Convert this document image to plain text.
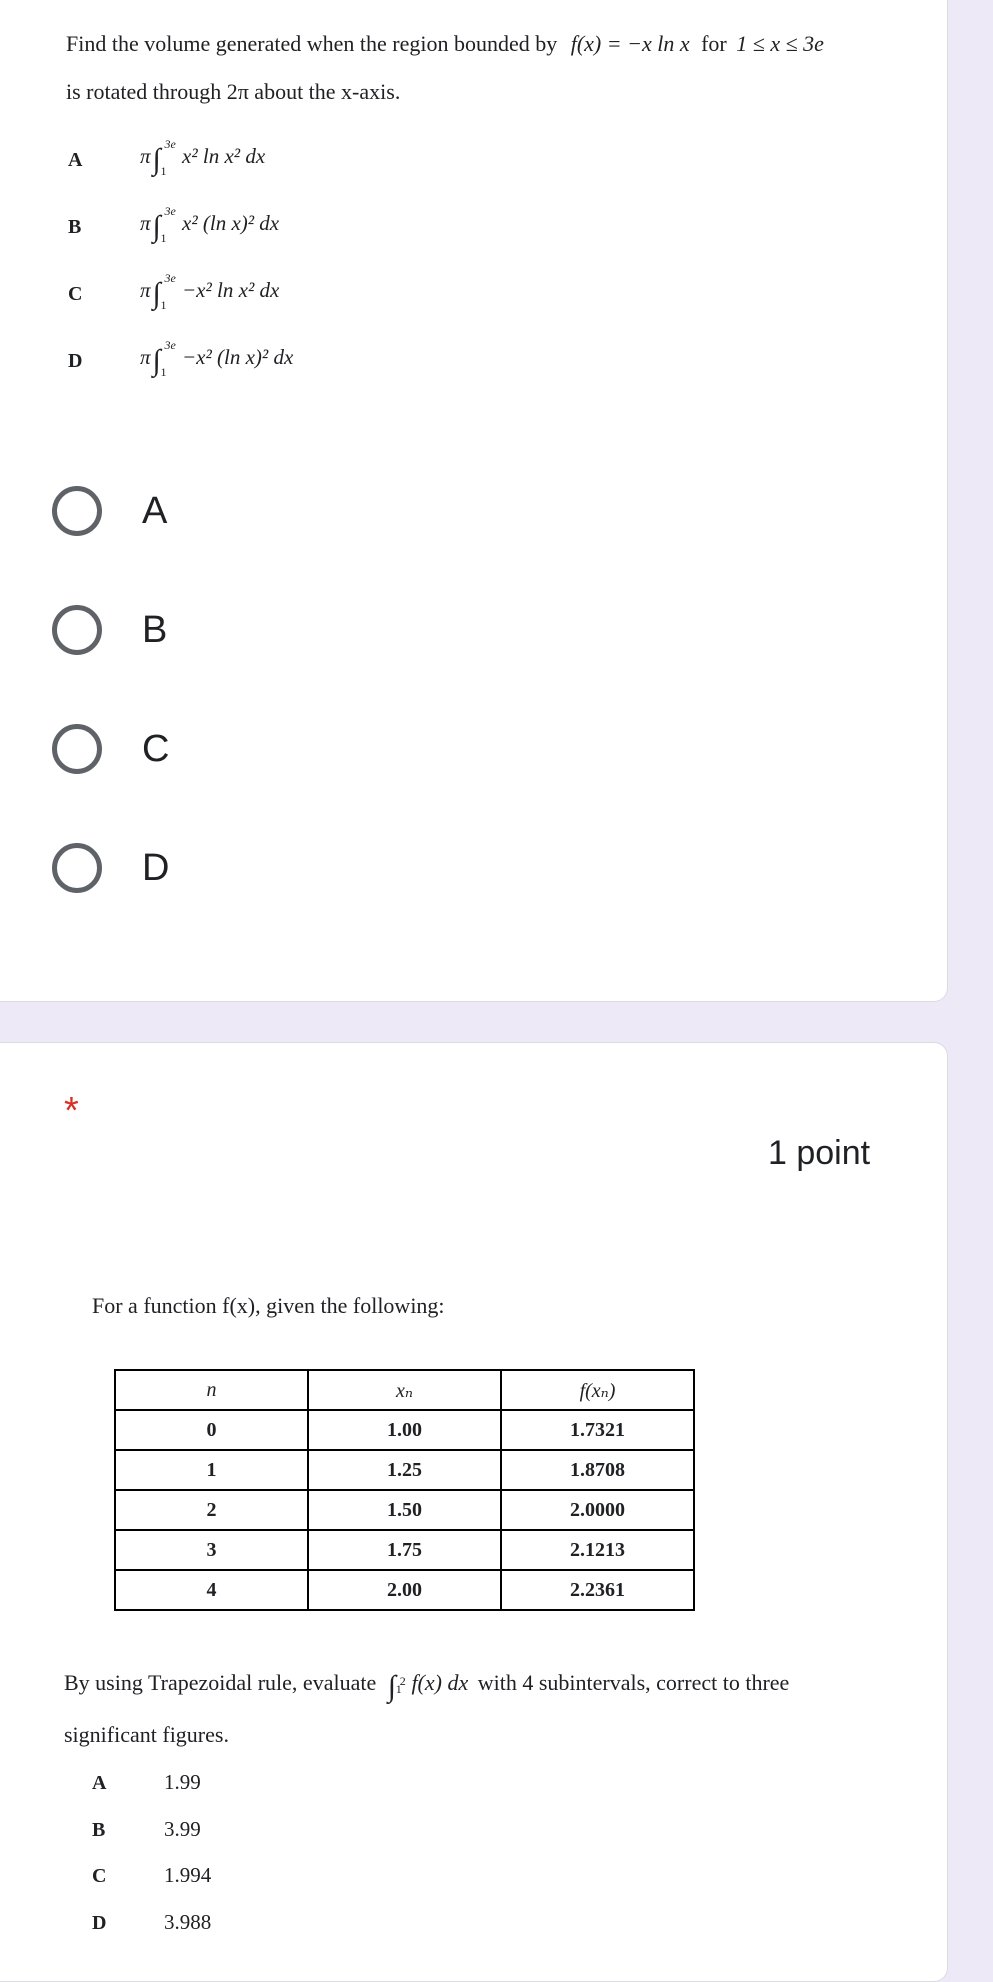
Find the volume generated when the region bounded by f(x) = −x ln x for 1 ≤ x ≤ 3e
is rotated through 2π about the x-axis.
A	π∫ 3e
1
x² ln x² dx
B	π∫ 3e
1
x² (ln x)² dx
C	π∫ 3e
1
−x² ln x² dx
D	π∫ 3e
1
−x² (ln x)² dx
A
B
C
D
*
1 point
For a function f(x), given the following:
n	xₙ	f(xₙ)
0	1.00	1.7321
1	1.25	1.8708
2	1.50	2.0000
3	1.75	2.1213
4	2.00	2.2361
By using Trapezoidal rule, evaluate ∫ 2
1 f(x) dx with 4 subintervals, correct to three
significant figures.
A	1.99
B	3.99
C	1.994
D	3.988
